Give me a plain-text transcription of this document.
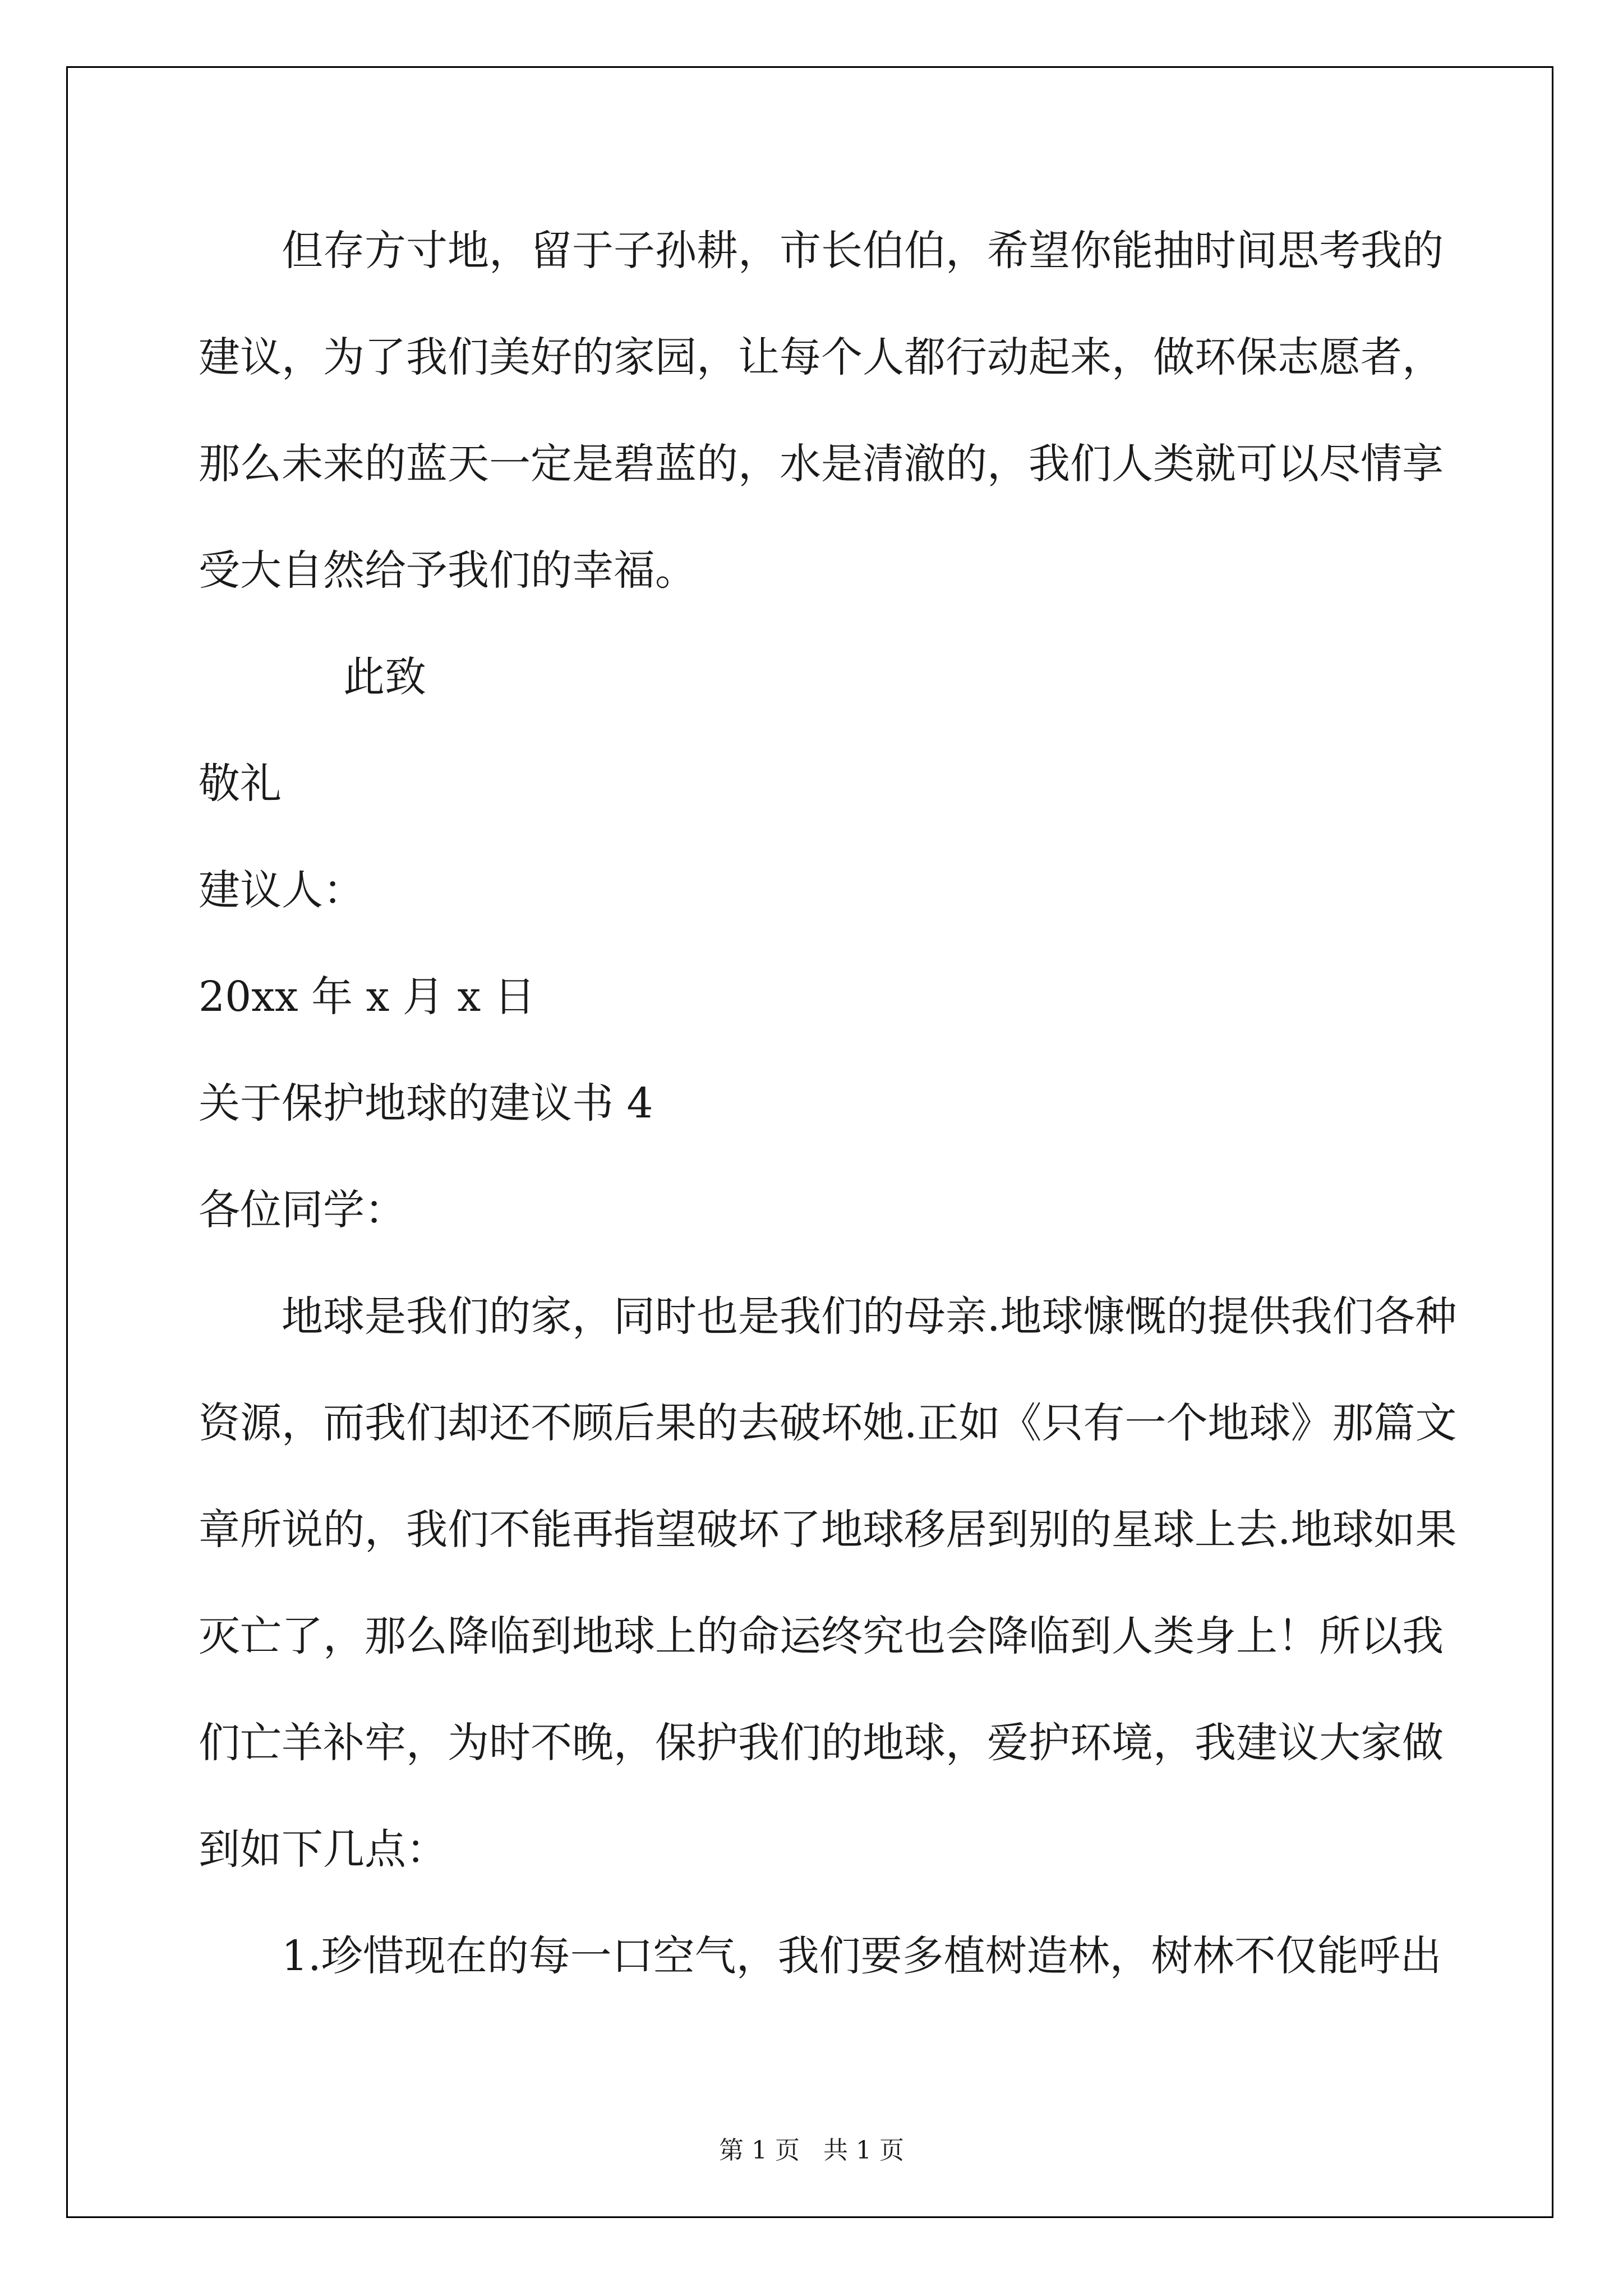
但存方寸地，留于子孙耕，市长伯伯，希望你能抽时间思考我的
建议，为了我们美好的家园，让每个人都行动起来，做环保志愿者，
那么未来的蓝天一定是碧蓝的，水是清澈的，我们人类就可以尽情享
受大自然给予我们的幸福。
此致
敬礼
建议人：
20xx 年 x 月 x 日
关于保护地球的建议书 4
各位同学：
地球是我们的家，同时也是我们的母亲.地球慷慨的提供我们各种
资源，而我们却还不顾后果的去破坏她.正如《只有一个地球》那篇文
章所说的，我们不能再指望破坏了地球移居到别的星球上去.地球如果
灭亡了，那么降临到地球上的命运终究也会降临到人类身上！所以我
们亡羊补牢，为时不晚，保护我们的地球，爱护环境，我建议大家做
到如下几点：
1.珍惜现在的每一口空气，我们要多植树造林，树林不仅能呼出
第 1 页   共 1 页
